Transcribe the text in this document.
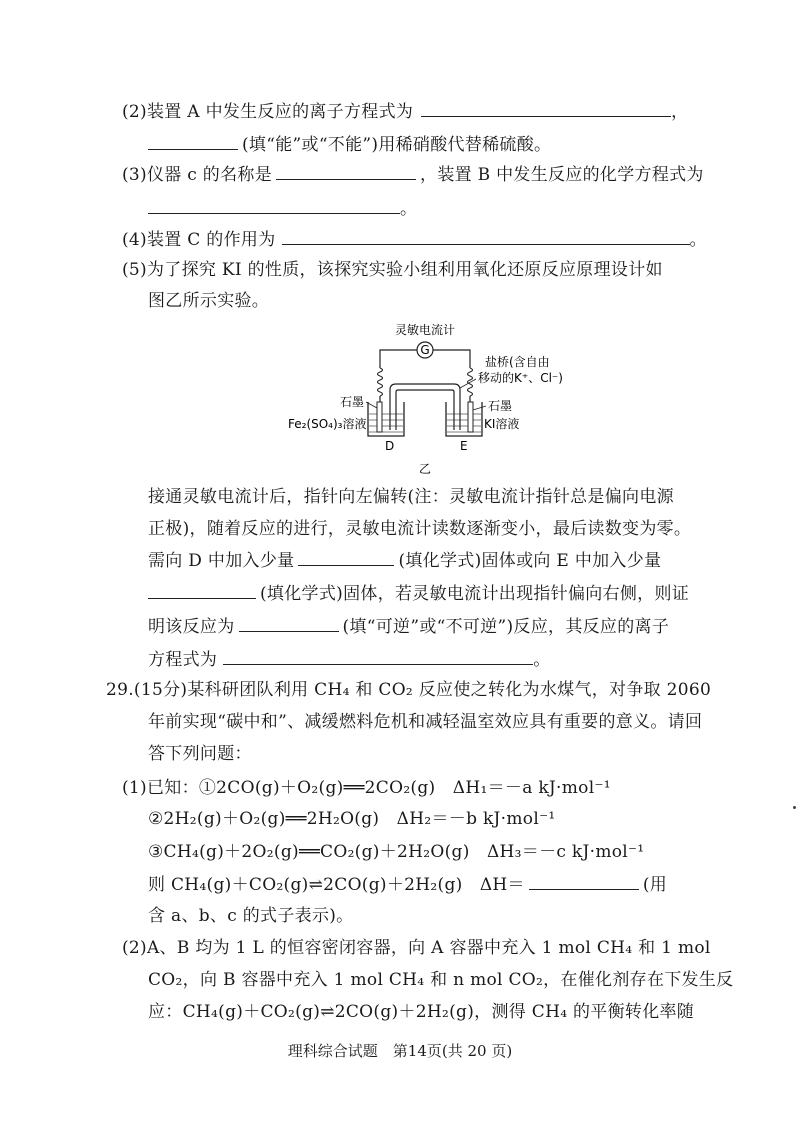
(2)装置 A 中发生反应的离子方程式为	，
(填“能”或“不能”)用稀硝酸代替稀硫酸。
(3)仪器 c 的名称是	，装置 B 中发生反应的化学方程式为
。
(4)装置 C 的作用为	。
(5)为了探究 KI 的性质，该探究实验小组利用氧化还原反应原理设计如
图乙所示实验。
G
灵敏电流计
盐桥(含自由
移动的K⁺、Cl⁻)
石墨	石墨
Fe₂(SO₄)₃溶液	KI溶液
D	E
乙
接通灵敏电流计后，指针向左偏转(注：灵敏电流计指针总是偏向电源
正极)，随着反应的进行，灵敏电流计读数逐渐变小，最后读数变为零。
需向 D 中加入少量	(填化学式)固体或向 E 中加入少量
(填化学式)固体，若灵敏电流计出现指针偏向右侧，则证
明该反应为	(填“可逆”或“不可逆”)反应，其反应的离子
方程式为	。
29.(15分)某科研团队利用 CH₄ 和 CO₂ 反应使之转化为水煤气，对争取 2060
年前实现“碳中和”、减缓燃料危机和减轻温室效应具有重要的意义。请回
答下列问题：
(1)已知：①2CO(g)＋O₂(g)══2CO₂(g)　ΔH₁＝－a kJ·mol⁻¹
②2H₂(g)＋O₂(g)══2H₂O(g)　ΔH₂＝－b kJ·mol⁻¹
③CH₄(g)＋2O₂(g)══CO₂(g)＋2H₂O(g)　ΔH₃＝－c kJ·mol⁻¹
则 CH₄(g)＋CO₂(g)⇌2CO(g)＋2H₂(g)　ΔH＝	(用
含 a、b、c 的式子表示)。
(2)A、B 均为 1 L 的恒容密闭容器，向 A 容器中充入 1 mol CH₄ 和 1 mol
CO₂，向 B 容器中充入 1 mol CH₄ 和 n mol CO₂，在催化剂存在下发生反
应：CH₄(g)＋CO₂(g)⇌2CO(g)＋2H₂(g)，测得 CH₄ 的平衡转化率随
理科综合试题　第14页(共 20 页)
